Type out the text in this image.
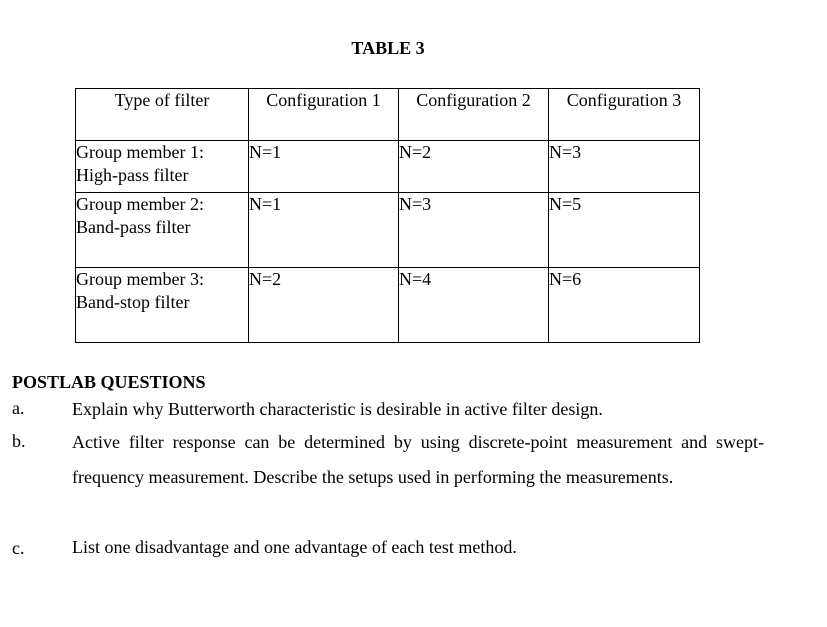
TABLE 3
Type of filter	Configuration 1	Configuration 2	Configuration 3

Group member 1:
High-pass filter	N=1	N=2	N=3

Group member 2:
Band-pass filter	N=1	N=3	N=5

Group member 3:
Band-stop filter	N=2	N=4	N=6
POSTLAB QUESTIONS
a.	Explain why Butterworth characteristic is desirable in active filter design.
b.	Active filter response can be determined by using discrete-point measurement and swept-frequency measurement. Describe the setups used in performing the measurements.
c.	List one disadvantage and one advantage of each test method.
